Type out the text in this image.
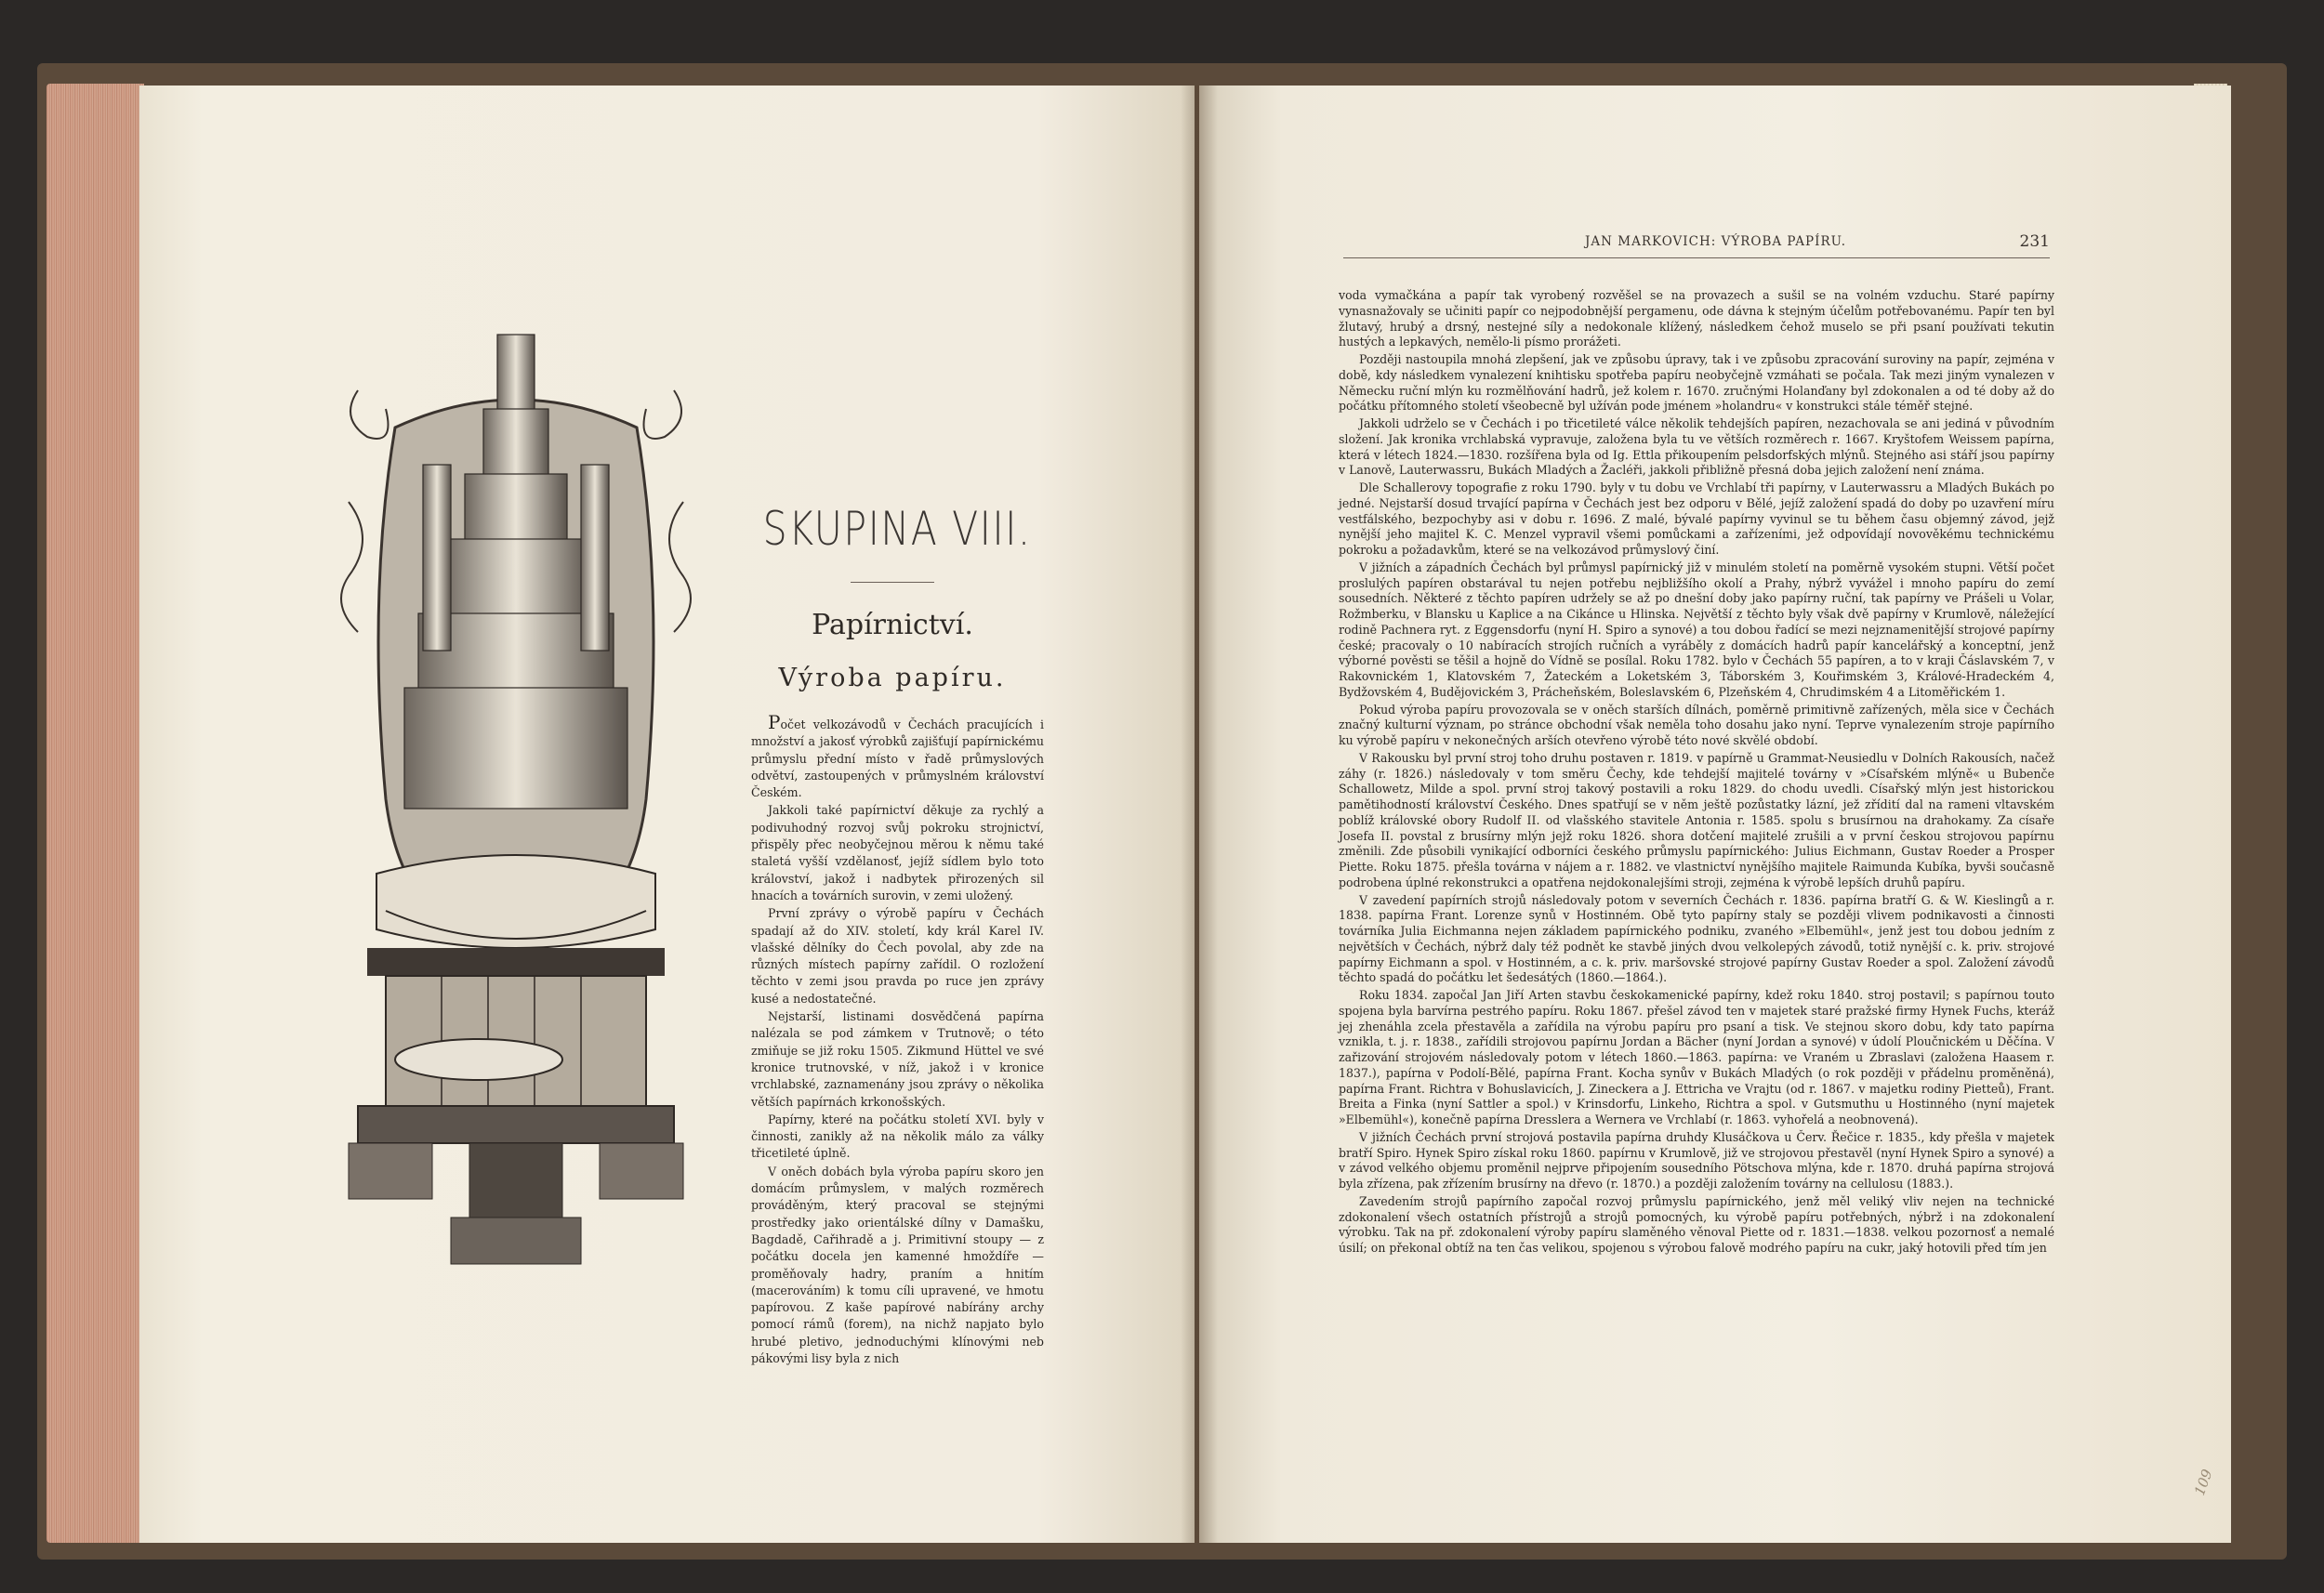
SKUPINA VIII.
Papírnictví.
Výroba papíru.

Počet velkozávodů v Čechách pracujících i množství a jakosť výrobků zajišťují papírnickému průmyslu přední místo v řadě průmyslových odvětví, zastoupených v průmyslném království Českém.

Jakkoli také papírnictví děkuje za rychlý a podivuhodný rozvoj svůj pokroku strojnictví, přispěly přec neobyčejnou měrou k němu také staletá vyšší vzdělanosť, jejíž sídlem bylo toto království, jakož i nadbytek přirozených sil hnacích a továrních surovin, v zemi uložený.

První zprávy o výrobě papíru v Čechách spadají až do XIV. století, kdy král Karel IV. vlašské dělníky do Čech povolal, aby zde na různých místech papírny zařídil. O rozložení těchto v zemi jsou pravda po ruce jen zprávy kusé a nedostatečné.

Nejstarší, listinami dosvědčená papírna nalézala se pod zámkem v Trutnově; o této zmiňuje se již roku 1505. Zikmund Hüttel ve své kronice trutnovské, v níž, jakož i v kronice vrchlabské, zaznamenány jsou zprávy o několika větších papírnách krkonošských.

Papírny, které na počátku století XVI. byly v činnosti, zanikly až na několik málo za války třicetileté úplně.

V oněch dobách byla výroba papíru skoro jen domácím průmyslem, v malých rozměrech prováděným, který pracoval se stejnými prostředky jako orientálské dílny v Damašku, Bagdadě, Cařihradě a j. Primitivní stoupy — z počátku docela jen kamenné hmoždíře — proměňovaly hadry, praním a hnitím (macerováním) k tomu cíli upravené, ve hmotu papírovou. Z kaše papírové nabírány archy pomocí rámů (forem), na nichž napjato bylo hrubé pletivo, jednoduchými klínovými neb pákovými lisy byla z nich

JAN MARKOVICH: VÝROBA PAPÍRU.	231

voda vymačkána a papír tak vyrobený rozvěšel se na provazech a sušil se na volném vzduchu. Staré papírny vynasnažovaly se učiniti papír co nejpodobnější pergamenu, ode dávna k stejným účelům potřebovanému. Papír ten byl žlutavý, hrubý a drsný, nestejné síly a nedokonale klížený, následkem čehož muselo se při psaní používati tekutin hustých a lepkavých, nemělo-li písmo prorážeti.

Později nastoupila mnohá zlepšení, jak ve způsobu úpravy, tak i ve způsobu zpracování suroviny na papír, zejména v době, kdy následkem vynalezení knihtisku spotřeba papíru neobyčejně vzmáhati se počala. Tak mezi jiným vynalezen v Německu ruční mlýn ku rozmělňování hadrů, jež kolem r. 1670. zručnými Holanďany byl zdokonalen a od té doby až do počátku přítomného století všeobecně byl užíván pode jménem »holandru« v konstrukci stále téměř stejné.

Jakkoli udrželo se v Čechách i po třicetileté válce několik tehdejších papíren, nezachovala se ani jediná v původním složení. Jak kronika vrchlabská vypravuje, založena byla tu ve větších rozměrech r. 1667. Kryštofem Weissem papírna, která v létech 1824.—1830. rozšířena byla od Ig. Ettla přikoupením pelsdorfských mlýnů. Stejného asi stáří jsou papírny v Lanově, Lauterwassru, Bukách Mladých a Žacléři, jakkoli přibližně přesná doba jejich založení není známa.

Dle Schallerovy topografie z roku 1790. byly v tu dobu ve Vrchlabí tři papírny, v Lauterwassru a Mladých Bukách po jedné. Nejstarší dosud trvající papírna v Čechách jest bez odporu v Bělé, jejíž založení spadá do doby po uzavření míru vestfálského, bezpochyby asi v dobu r. 1696. Z malé, bývalé papírny vyvinul se tu během času objemný závod, jejž nynější jeho majitel K. C. Menzel vypravil všemi pomůckami a zařízeními, jež odpovídají novověkému technickému pokroku a požadavkům, které se na velkozávod průmyslový činí.

V jižních a západních Čechách byl průmysl papírnický již v minulém století na poměrně vysokém stupni. Větší počet proslulých papíren obstarával tu nejen potřebu nejbližšího okolí a Prahy, nýbrž vyvážel i mnoho papíru do zemí sousedních. Některé z těchto papíren udržely se až po dnešní doby jako papírny ruční, tak papírny ve Prášeli u Volar, Rožmberku, v Blansku u Kaplice a na Cikánce u Hlinska. Největší z těchto byly však dvě papírny v Krumlově, náležející rodině Pachnera ryt. z Eggensdorfu (nyní H. Spiro a synové) a tou dobou řadící se mezi nejznamenitější strojové papírny české; pracovaly o 10 nabíracích strojích ručních a vyráběly z domácích hadrů papír kancelářský a konceptní, jenž výborné pověsti se těšil a hojně do Vídně se posílal. Roku 1782. bylo v Čechách 55 papíren, a to v kraji Čáslavském 7, v Rakovnickém 1, Klatovském 7, Žateckém a Loketském 3, Táborském 3, Kouřimském 3, Králové-Hradeckém 4, Bydžovském 4, Budějovickém 3, Prácheňském, Boleslavském 6, Plzeňském 4, Chrudimském 4 a Litoměřickém 1.

Pokud výroba papíru provozovala se v oněch starších dílnách, poměrně primitivně zařízených, měla sice v Čechách značný kulturní význam, po stránce obchodní však neměla toho dosahu jako nyní. Teprve vynalezením stroje papírního ku výrobě papíru v nekonečných arších otevřeno výrobě této nové skvělé období.

V Rakousku byl první stroj toho druhu postaven r. 1819. v papírně u Grammat-Neusiedlu v Dolních Rakousích, načež záhy (r. 1826.) následovaly v tom směru Čechy, kde tehdejší majitelé továrny v »Císařském mlýně« u Bubenče Schallowetz, Milde a spol. první stroj takový postavili a roku 1829. do chodu uvedli. Císařský mlýn jest historickou pamětihodností království Českého. Dnes spatřují se v něm ještě pozůstatky lázní, jež zřídití dal na rameni vltavském poblíž královské obory Rudolf II. od vlašského stavitele Antonia r. 1585. spolu s brusírnou na drahokamy. Za císaře Josefa II. povstal z brusírny mlýn jejž roku 1826. shora dotčení majitelé zrušili a v první českou strojovou papírnu změnili. Zde působili vynikající odborníci českého průmyslu papírnického: Julius Eichmann, Gustav Roeder a Prosper Piette. Roku 1875. přešla továrna v nájem a r. 1882. ve vlastnictví nynějšího majitele Raimunda Kubíka, byvši současně podrobena úplné rekonstrukci a opatřena nejdokonalejšími stroji, zejména k výrobě lepších druhů papíru.

V zavedení papírních strojů následovaly potom v severních Čechách r. 1836. papírna bratří G. & W. Kieslingů a r. 1838. papírna Frant. Lorenze synů v Hostinném. Obě tyto papírny staly se později vlivem podnikavosti a činnosti továrníka Julia Eichmanna nejen základem papírnického podniku, zvaného »Elbemühl«, jenž jest tou dobou jedním z největších v Čechách, nýbrž daly též podnět ke stavbě jiných dvou velkolepých závodů, totiž nynější c. k. priv. strojové papírny Eichmann a spol. v Hostinném, a c. k. priv. maršovské strojové papírny Gustav Roeder a spol. Založení závodů těchto spadá do počátku let šedesátých (1860.—1864.).

Roku 1834. započal Jan Jiří Arten stavbu českokamenické papírny, kdež roku 1840. stroj postavil; s papírnou touto spojena byla barvírna pestrého papíru. Roku 1867. přešel závod ten v majetek staré pražské firmy Hynek Fuchs, kteráž jej zhenáhla zcela přestavěla a zařídila na výrobu papíru pro psaní a tisk. Ve stejnou skoro dobu, kdy tato papírna vznikla, t. j. r. 1838., zařídili strojovou papírnu Jordan a Bächer (nyní Jordan a synové) v údolí Ploučnickém u Děčína. V zařizování strojovém následovaly potom v létech 1860.—1863. papírna: ve Vraném u Zbraslavi (založena Haasem r. 1837.), papírna v Podolí-Bělé, papírna Frant. Kocha synův v Bukách Mladých (o rok později v přádelnu proměněná), papírna Frant. Richtra v Bohuslavicích, J. Zineckera a J. Ettricha ve Vrajtu (od r. 1867. v majetku rodiny Pietteů), Frant. Breita a Finka (nyní Sattler a spol.) v Krinsdorfu, Linkeho, Richtra a spol. v Gutsmuthu u Hostinného (nyní majetek »Elbemühl«), konečně papírna Dresslera a Wernera ve Vrchlabí (r. 1863. vyhořelá a neobnovená).

V jižních Čechách první strojová postavila papírna druhdy Klusáčkova u Červ. Řečice r. 1835., kdy přešla v majetek bratří Spiro. Hynek Spiro získal roku 1860. papírnu v Krumlově, již ve strojovou přestavěl (nyní Hynek Spiro a synové) a v závod velkého objemu proměnil nejprve připojením sousedního Pötschova mlýna, kde r. 1870. druhá papírna strojová byla zřízena, pak zřízením brusírny na dřevo (r. 1870.) a později založením továrny na cellulosu (1883.).

Zavedením strojů papírního započal rozvoj průmyslu papírnického, jenž měl veliký vliv nejen na technické zdokonalení všech ostatních přístrojů a strojů pomocných, ku výrobě papíru potřebných, nýbrž i na zdokonalení výrobku. Tak na př. zdokonalení výroby papíru slaměného věnoval Piette od r. 1831.—1838. velkou pozornosť a nemalé úsilí; on překonal obtíž na ten čas velikou, spojenou s výrobou falově modrého papíru na cukr, jaký hotovili před tím jen

109
